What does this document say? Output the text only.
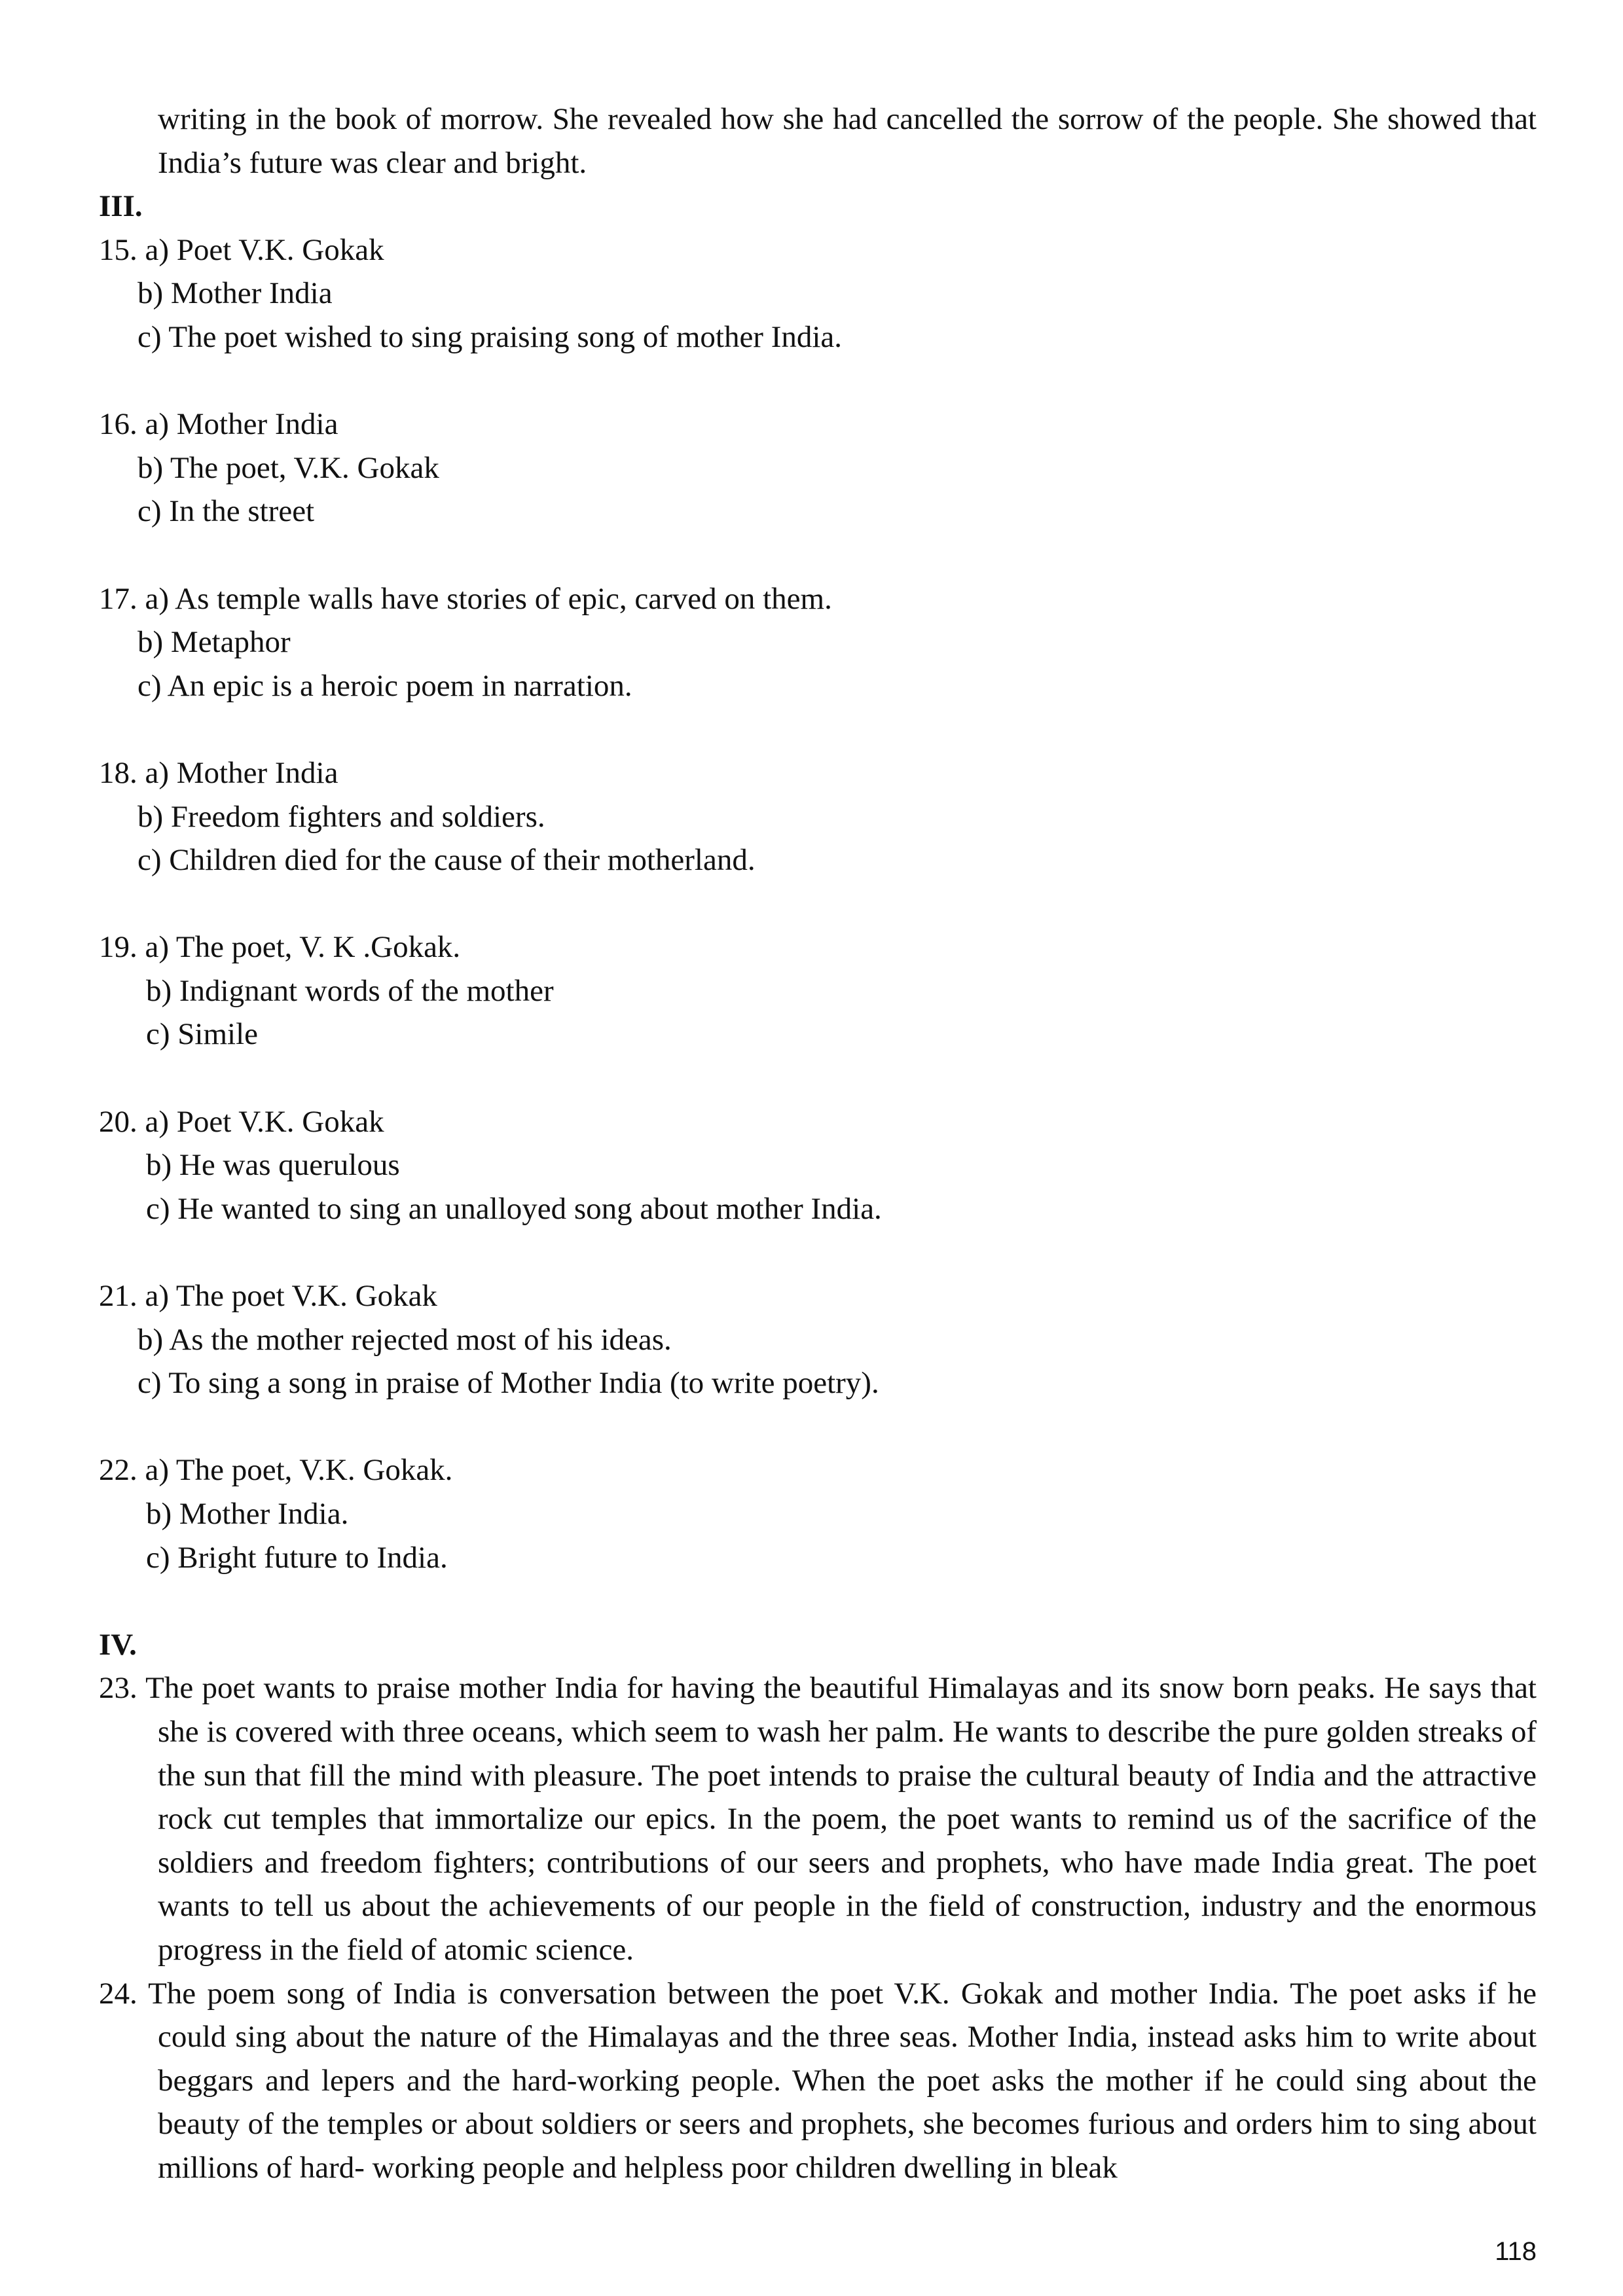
writing in the book of morrow. She revealed how she had cancelled the sorrow of the people. She showed that India’s future was clear and bright.
III.
15. a) Poet V.K. Gokak
b) Mother India
c) The poet wished to sing praising song of mother India.
16. a) Mother India
b) The poet, V.K. Gokak
c) In the street
17. a) As temple walls have stories of epic, carved on them.
b) Metaphor
c) An epic is a heroic poem in narration.
18. a) Mother India
b) Freedom fighters and soldiers.
c) Children died for the cause of their motherland.
19. a) The poet, V. K .Gokak.
b) Indignant words of the mother
c) Simile
20. a) Poet V.K. Gokak
b) He was querulous
c) He wanted to sing an unalloyed song about mother India.
21. a) The poet V.K. Gokak
b) As the mother rejected most of his ideas.
c) To sing a song in praise of Mother India (to write poetry).
22. a) The poet, V.K. Gokak.
b) Mother India.
c) Bright future to India.
IV.
23. The poet wants to praise mother India for having the beautiful Himalayas and its snow born peaks. He says that she is covered with three oceans, which seem to wash her palm. He wants to describe the pure golden streaks of the sun that fill the mind with pleasure. The poet intends to praise the cultural beauty of India and the attractive rock cut temples that immortalize our epics. In the poem, the poet wants to remind us of the sacrifice of the soldiers and freedom fighters; contributions of our seers and prophets, who have made India great. The poet wants to tell us about the achievements of our people in the field of construction, industry and the enormous progress in the field of atomic science.
24. The poem song of India is conversation between the poet V.K. Gokak and mother India. The poet asks if he could sing about the nature of the Himalayas and the three seas. Mother India, instead asks him to write about beggars and lepers and the hard-working people. When the poet asks the mother if he could sing about the beauty of the temples or about soldiers or seers and prophets, she becomes furious and orders him to sing about millions of hard- working people and helpless poor children dwelling in bleak
118
